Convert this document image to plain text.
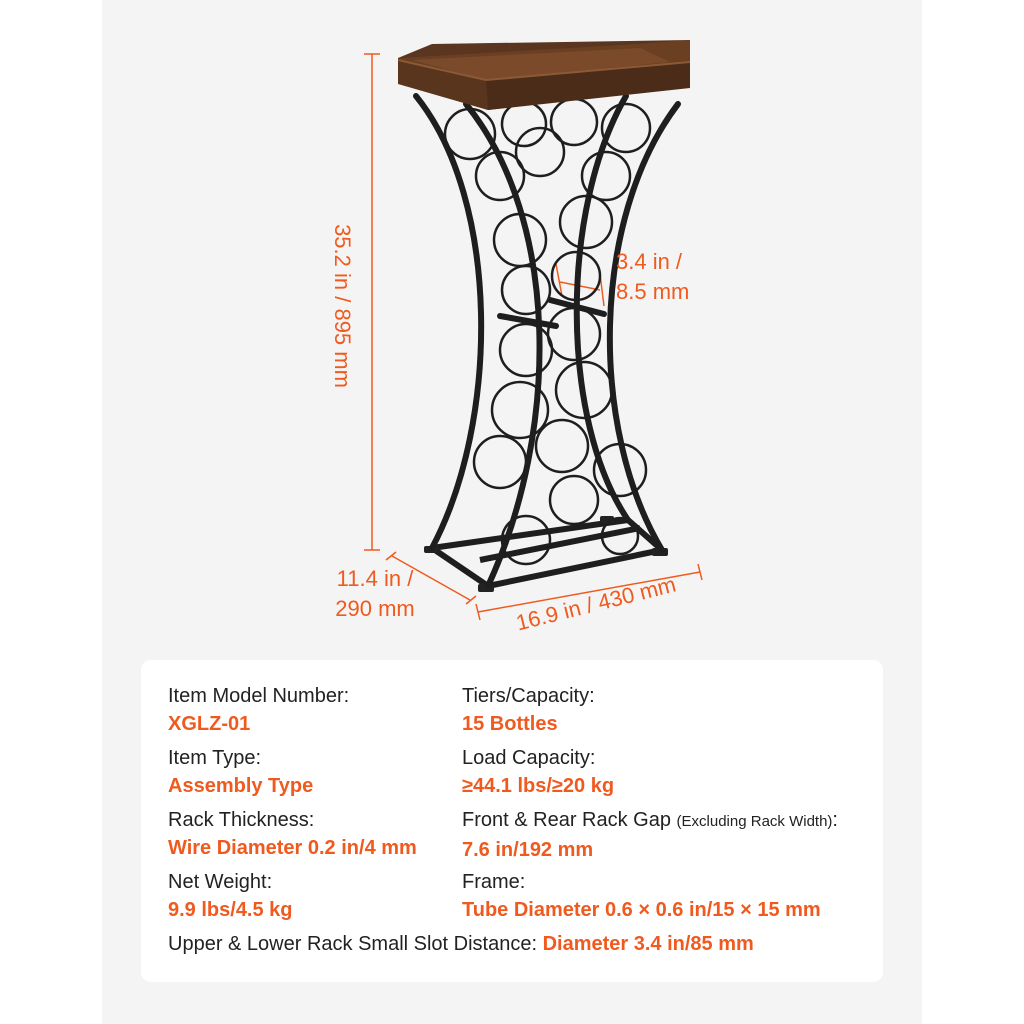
35.2 in / 895 mm	3.4 in /
8.5 mm
11.4 in /
290 mm	16.9 in / 430 mm
Item Model Number:
XGLZ-01
Tiers/Capacity:
15 Bottles
Item Type:
Assembly Type
Load Capacity:
≥44.1 lbs/≥20 kg
Rack Thickness:
Wire Diameter 0.2 in/4 mm
Front & Rear Rack Gap (Excluding Rack Width):
7.6 in/192 mm
Net Weight:
9.9 lbs/4.5 kg
Frame:
Tube Diameter 0.6 × 0.6 in/15 × 15 mm
Upper & Lower Rack Small Slot Distance: Diameter 3.4 in/85 mm
